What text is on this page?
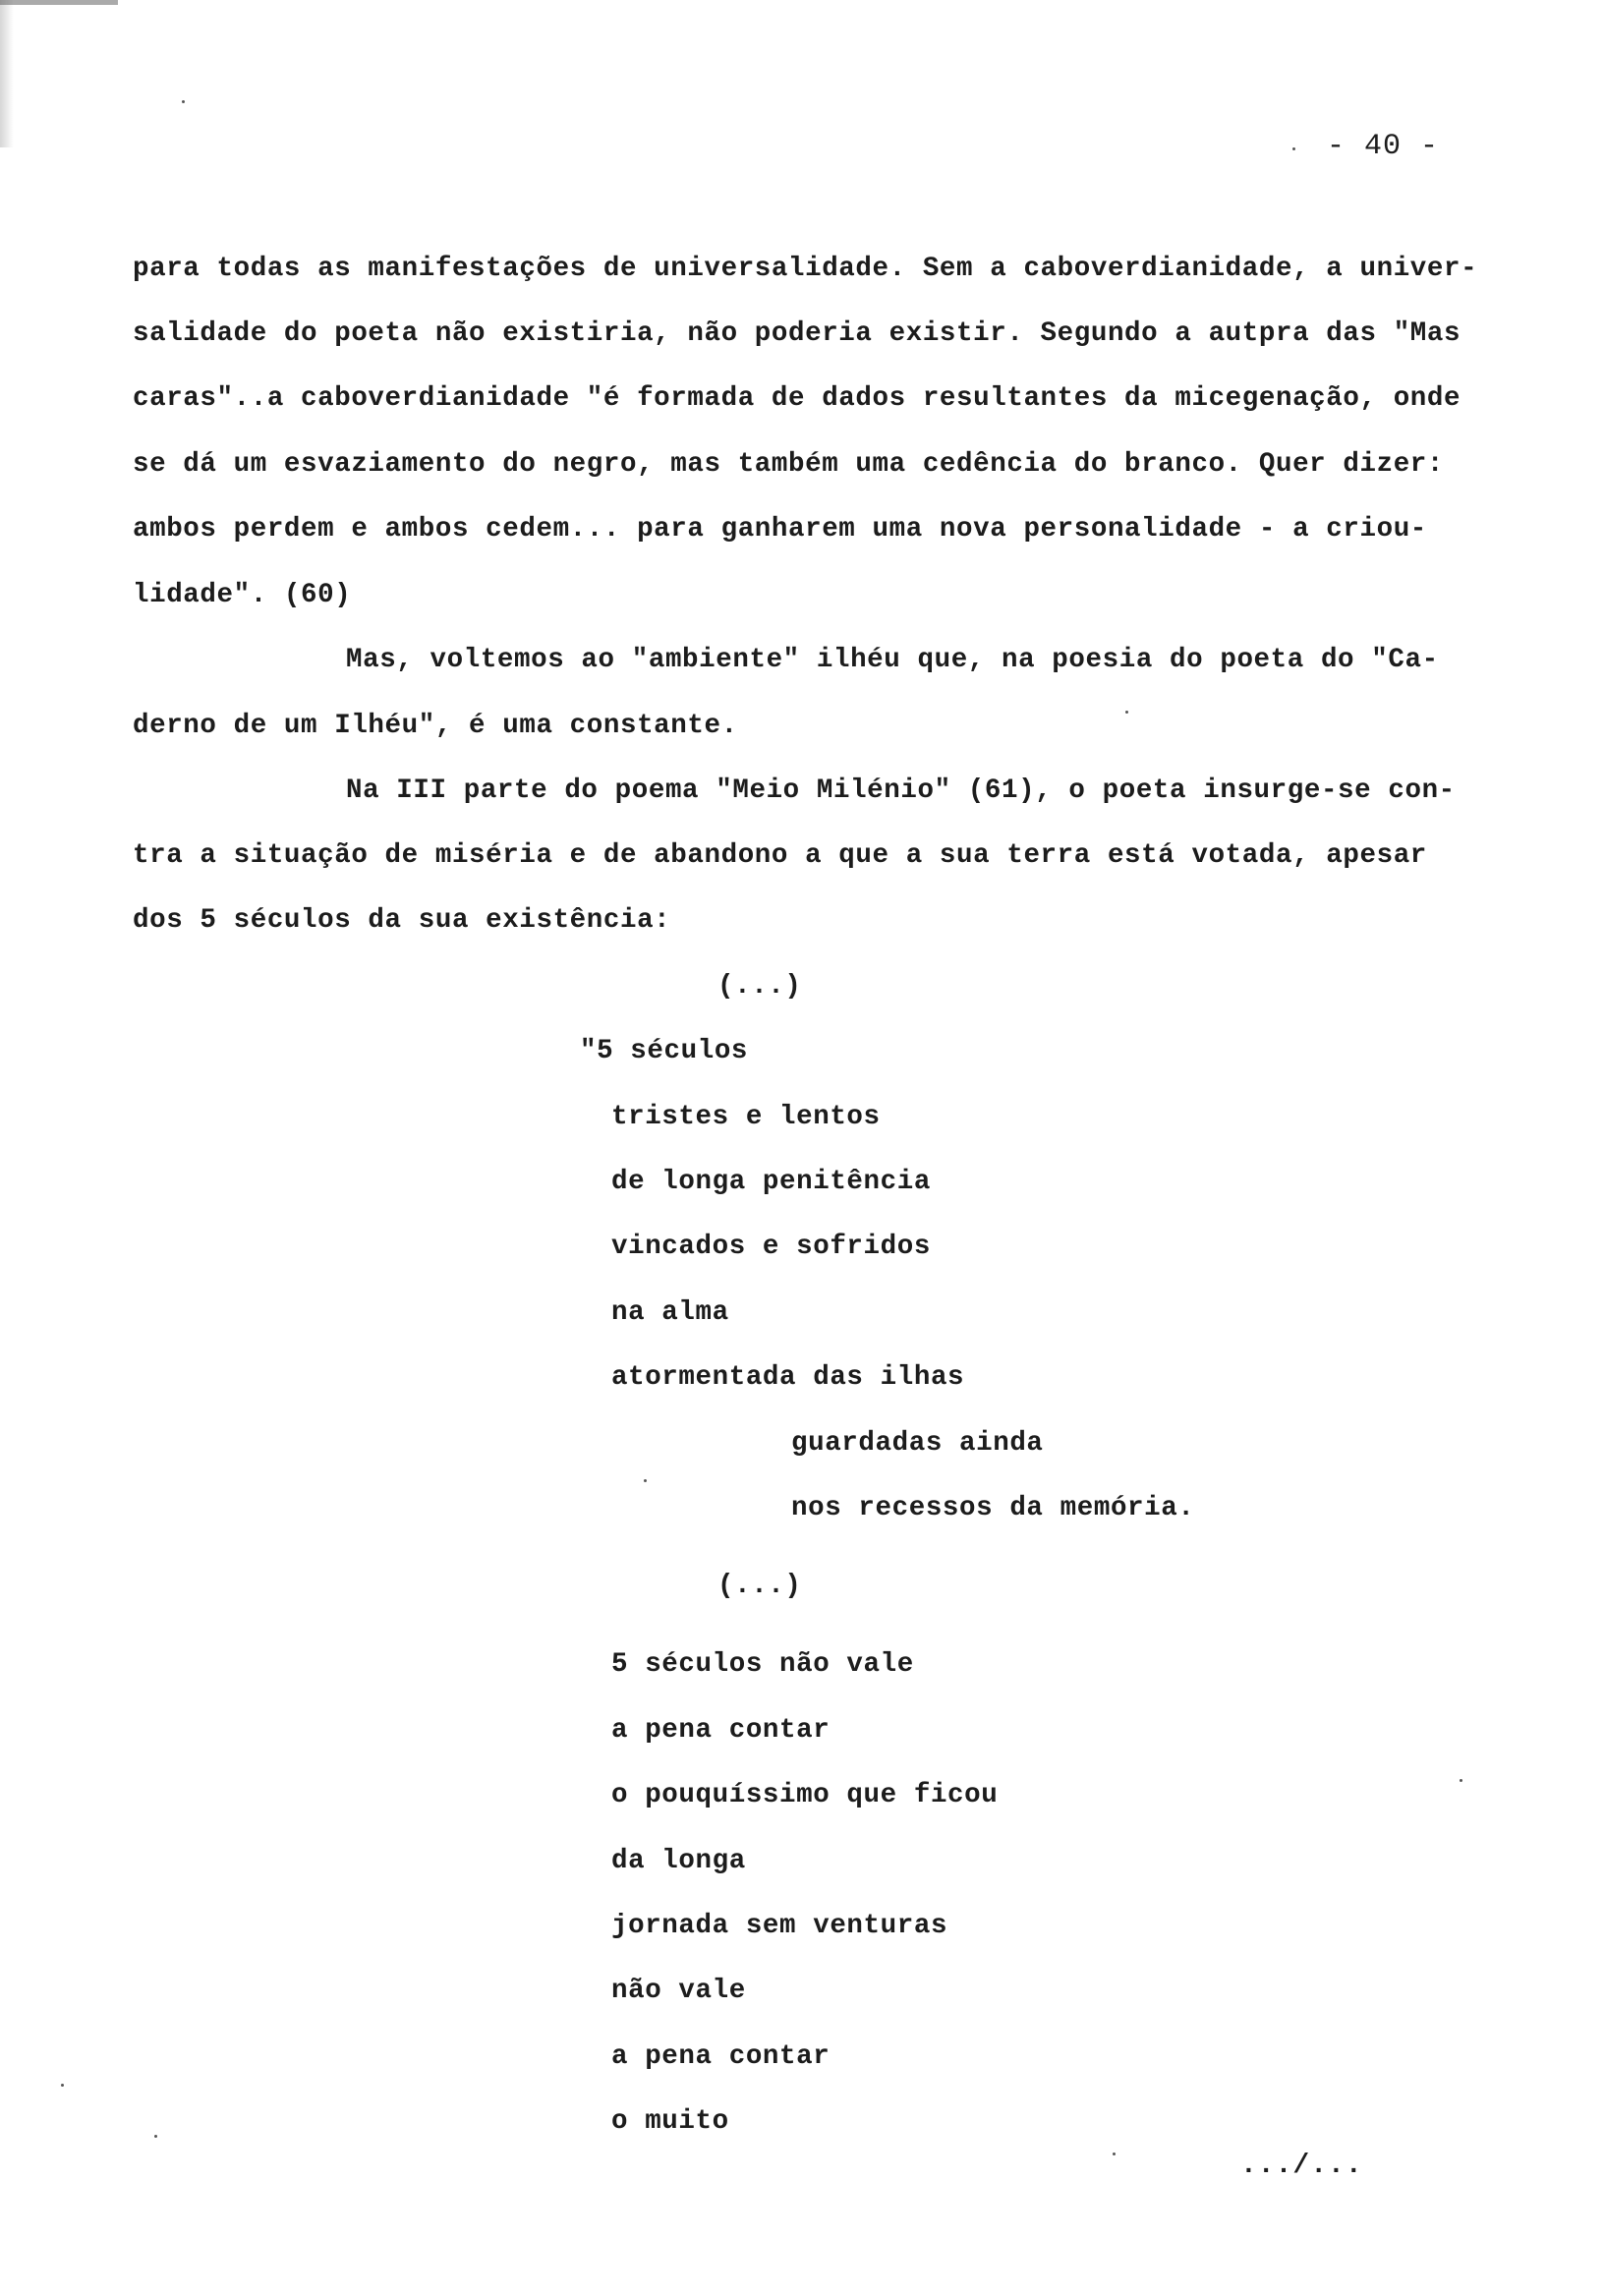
- 40 -
para todas as manifestações de universalidade. Sem a caboverdianidade, a univer-
salidade do poeta não existiria, não poderia existir. Segundo a autpra das "Mas
caras"..a caboverdianidade "é formada de dados resultantes da micegenação, onde
se dá um esvaziamento do negro, mas também uma cedência do branco. Quer dizer:
ambos perdem e ambos cedem... para ganharem uma nova personalidade - a criou-
lidade". (60)
Mas, voltemos ao "ambiente" ilhéu que, na poesia do poeta do "Ca-
derno de um Ilhéu", é uma constante.
Na III parte do poema "Meio Milénio" (61), o poeta insurge-se con-
tra a situação de miséria e de abandono a que a sua terra está votada, apesar
dos 5 séculos da sua existência:
(...)
"5 séculos
tristes e lentos
de longa penitência
vincados e sofridos
na alma
atormentada das ilhas
guardadas ainda
nos recessos da memória.
(...)
5 séculos não vale
a pena contar
o pouquíssimo que ficou
da longa
jornada sem venturas
não vale
a pena contar
o muito
.../...
